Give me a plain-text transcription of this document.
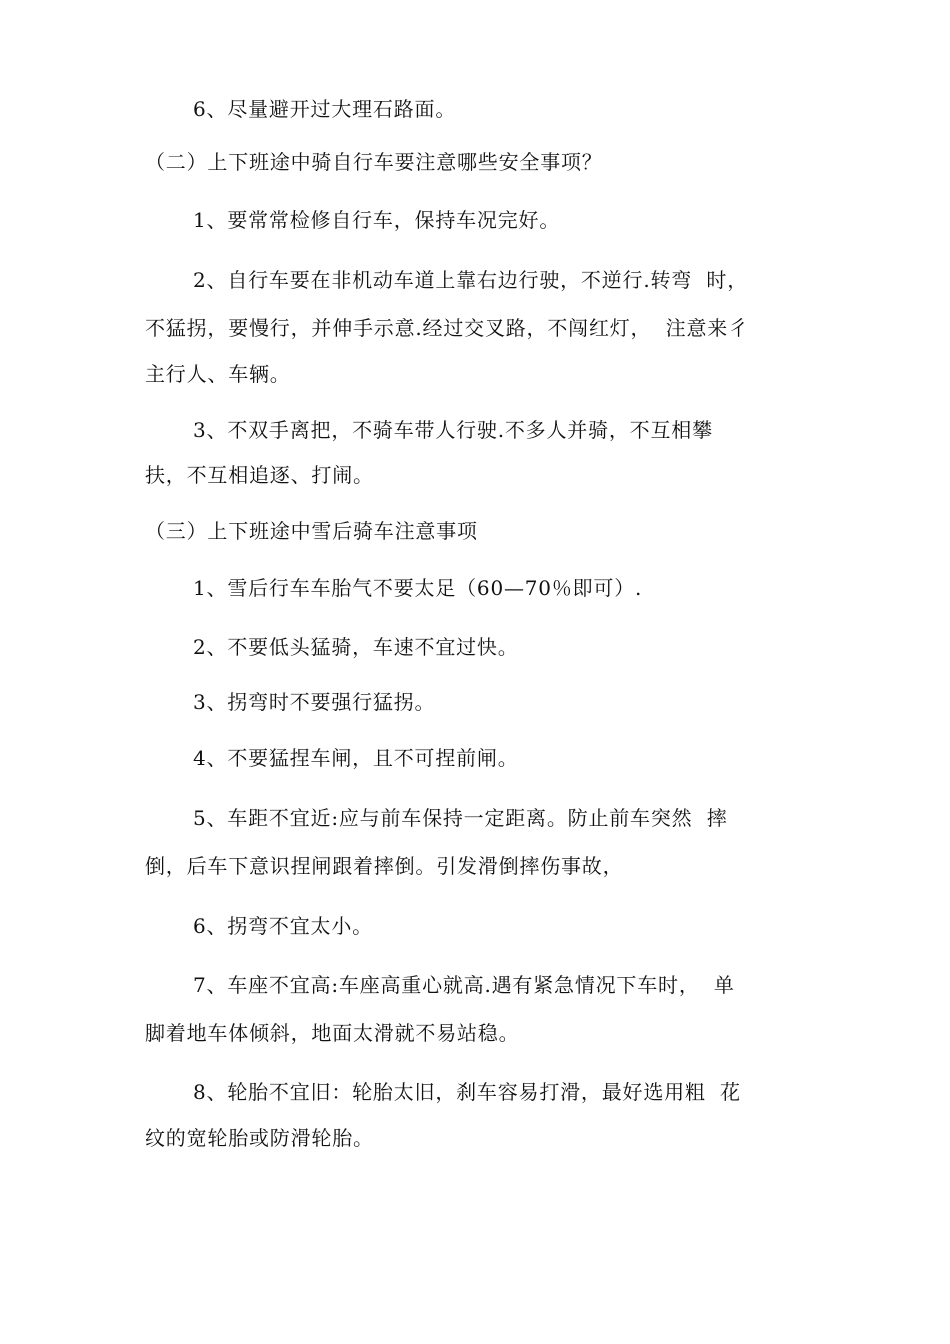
6、尽量避开过大理石路面。
（二）上下班途中骑自行车要注意哪些安全事项？
1、要常常检修自行车，保持车况完好。
2、自行车要在非机动车道上靠右边行驶，不逆行.转弯  时，
不猛拐，要慢行，并伸手示意.经过交叉路，不闯红灯，  注意来彳
主行人、车辆。
3、不双手离把，不骑车带人行驶.不多人并骑，不互相攀
扶，不互相追逐、打闹。
（三）上下班途中雪后骑车注意事项
1、雪后行车车胎气不要太足（60—70％即可）.
2、不要低头猛骑，车速不宜过快。
3、拐弯时不要强行猛拐。
4、不要猛捏车闸，且不可捏前闸。
5、车距不宜近:应与前车保持一定距离。防止前车突然  摔
倒，后车下意识捏闸跟着摔倒。引发滑倒摔伤事故，
6、拐弯不宜太小。
7、车座不宜高:车座高重心就高.遇有紧急情况下车时，  单
脚着地车体倾斜，地面太滑就不易站稳。
8、轮胎不宜旧：轮胎太旧，刹车容易打滑，最好选用粗  花
纹的宽轮胎或防滑轮胎。
